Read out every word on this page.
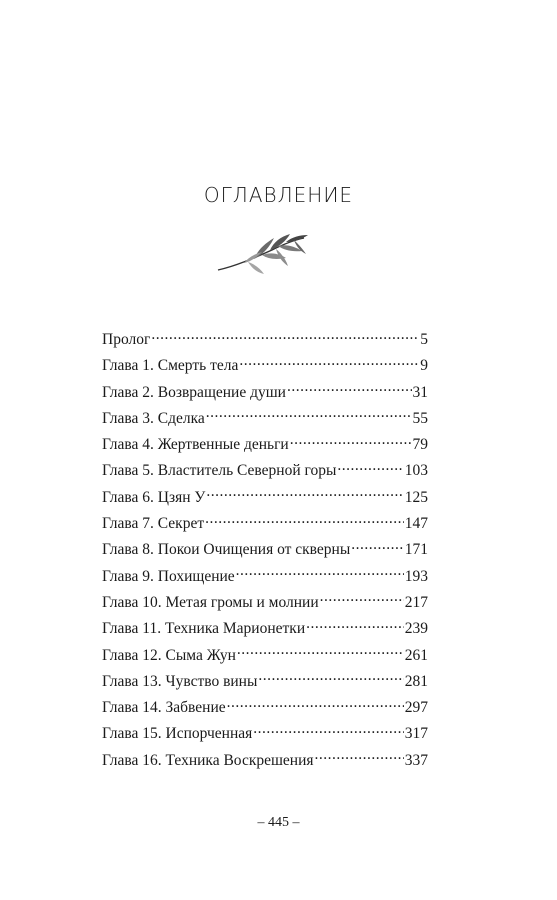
ОГЛАВЛЕНИЕ
Пролог .....	5
Глава 1. Смерть тела .....	9
Глава 2. Возвращение души .....	31
Глава 3. Сделка .....	55
Глава 4. Жертвенные деньги .....	79
Глава 5. Властитель Северной горы .....	103
Глава 6. Цзян У .....	125
Глава 7. Секрет .....	147
Глава 8. Покои Очищения от скверны .....	171
Глава 9. Похищение .....	193
Глава 10. Метая громы и молнии .....	217
Глава 11. Техника Марионетки .....	239
Глава 12. Сыма Жун .....	261
Глава 13. Чувство вины .....	281
Глава 14. Забвение .....	297
Глава 15. Испорченная .....	317
Глава 16. Техника Воскрешения .....	337
– 445 –
